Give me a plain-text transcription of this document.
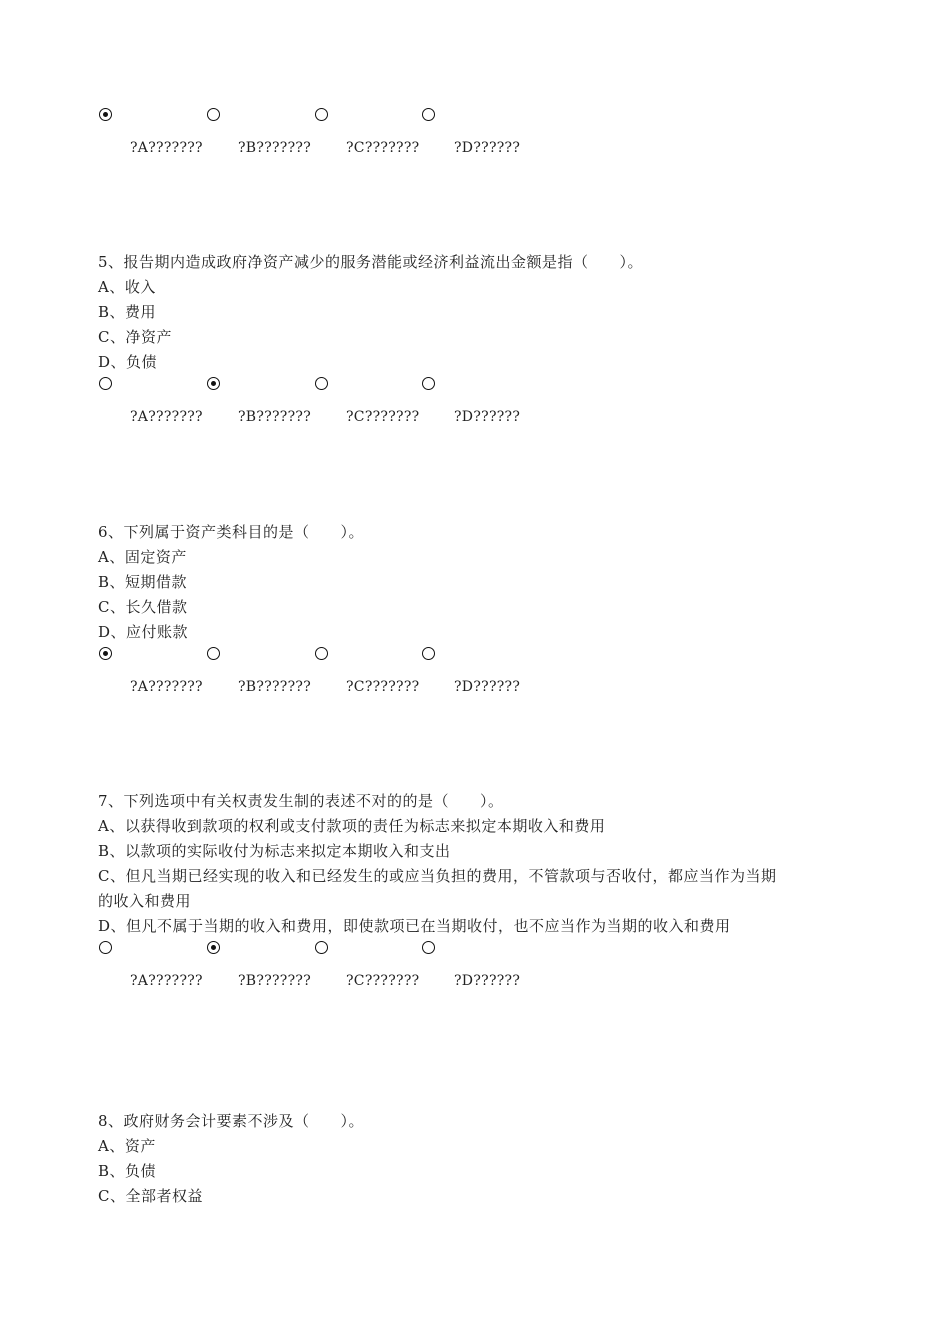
?A???????	?B??????? ?C??????? ?D??????

5、报告期内造成政府净资产减少的服务潜能或经济利益流出金额是指（　　）。

A、收入

B、费用

C、净资产

D、负债

?A???????	?B??????? ?C??????? ?D??????

6、下列属于资产类科目的是（　　）。

A、固定资产

B、短期借款

C、长久借款

D、应付账款

?A???????	?B??????? ?C??????? ?D??????

7、下列选项中有关权责发生制的表述不对的的是（　　）。

A、以获得收到款项的权利或支付款项的责任为标志来拟定本期收入和费用

B、以款项的实际收付为标志来拟定本期收入和支出

C、但凡当期已经实现的收入和已经发生的或应当负担的费用，不管款项与否收付，都应当作为当期的收入和费用

D、但凡不属于当期的收入和费用，即使款项已在当期收付，也不应当作为当期的收入和费用

?A???????	?B??????? ?C??????? ?D??????

8、政府财务会计要素不涉及（　　）。

A、资产

B、负债

C、全部者权益
